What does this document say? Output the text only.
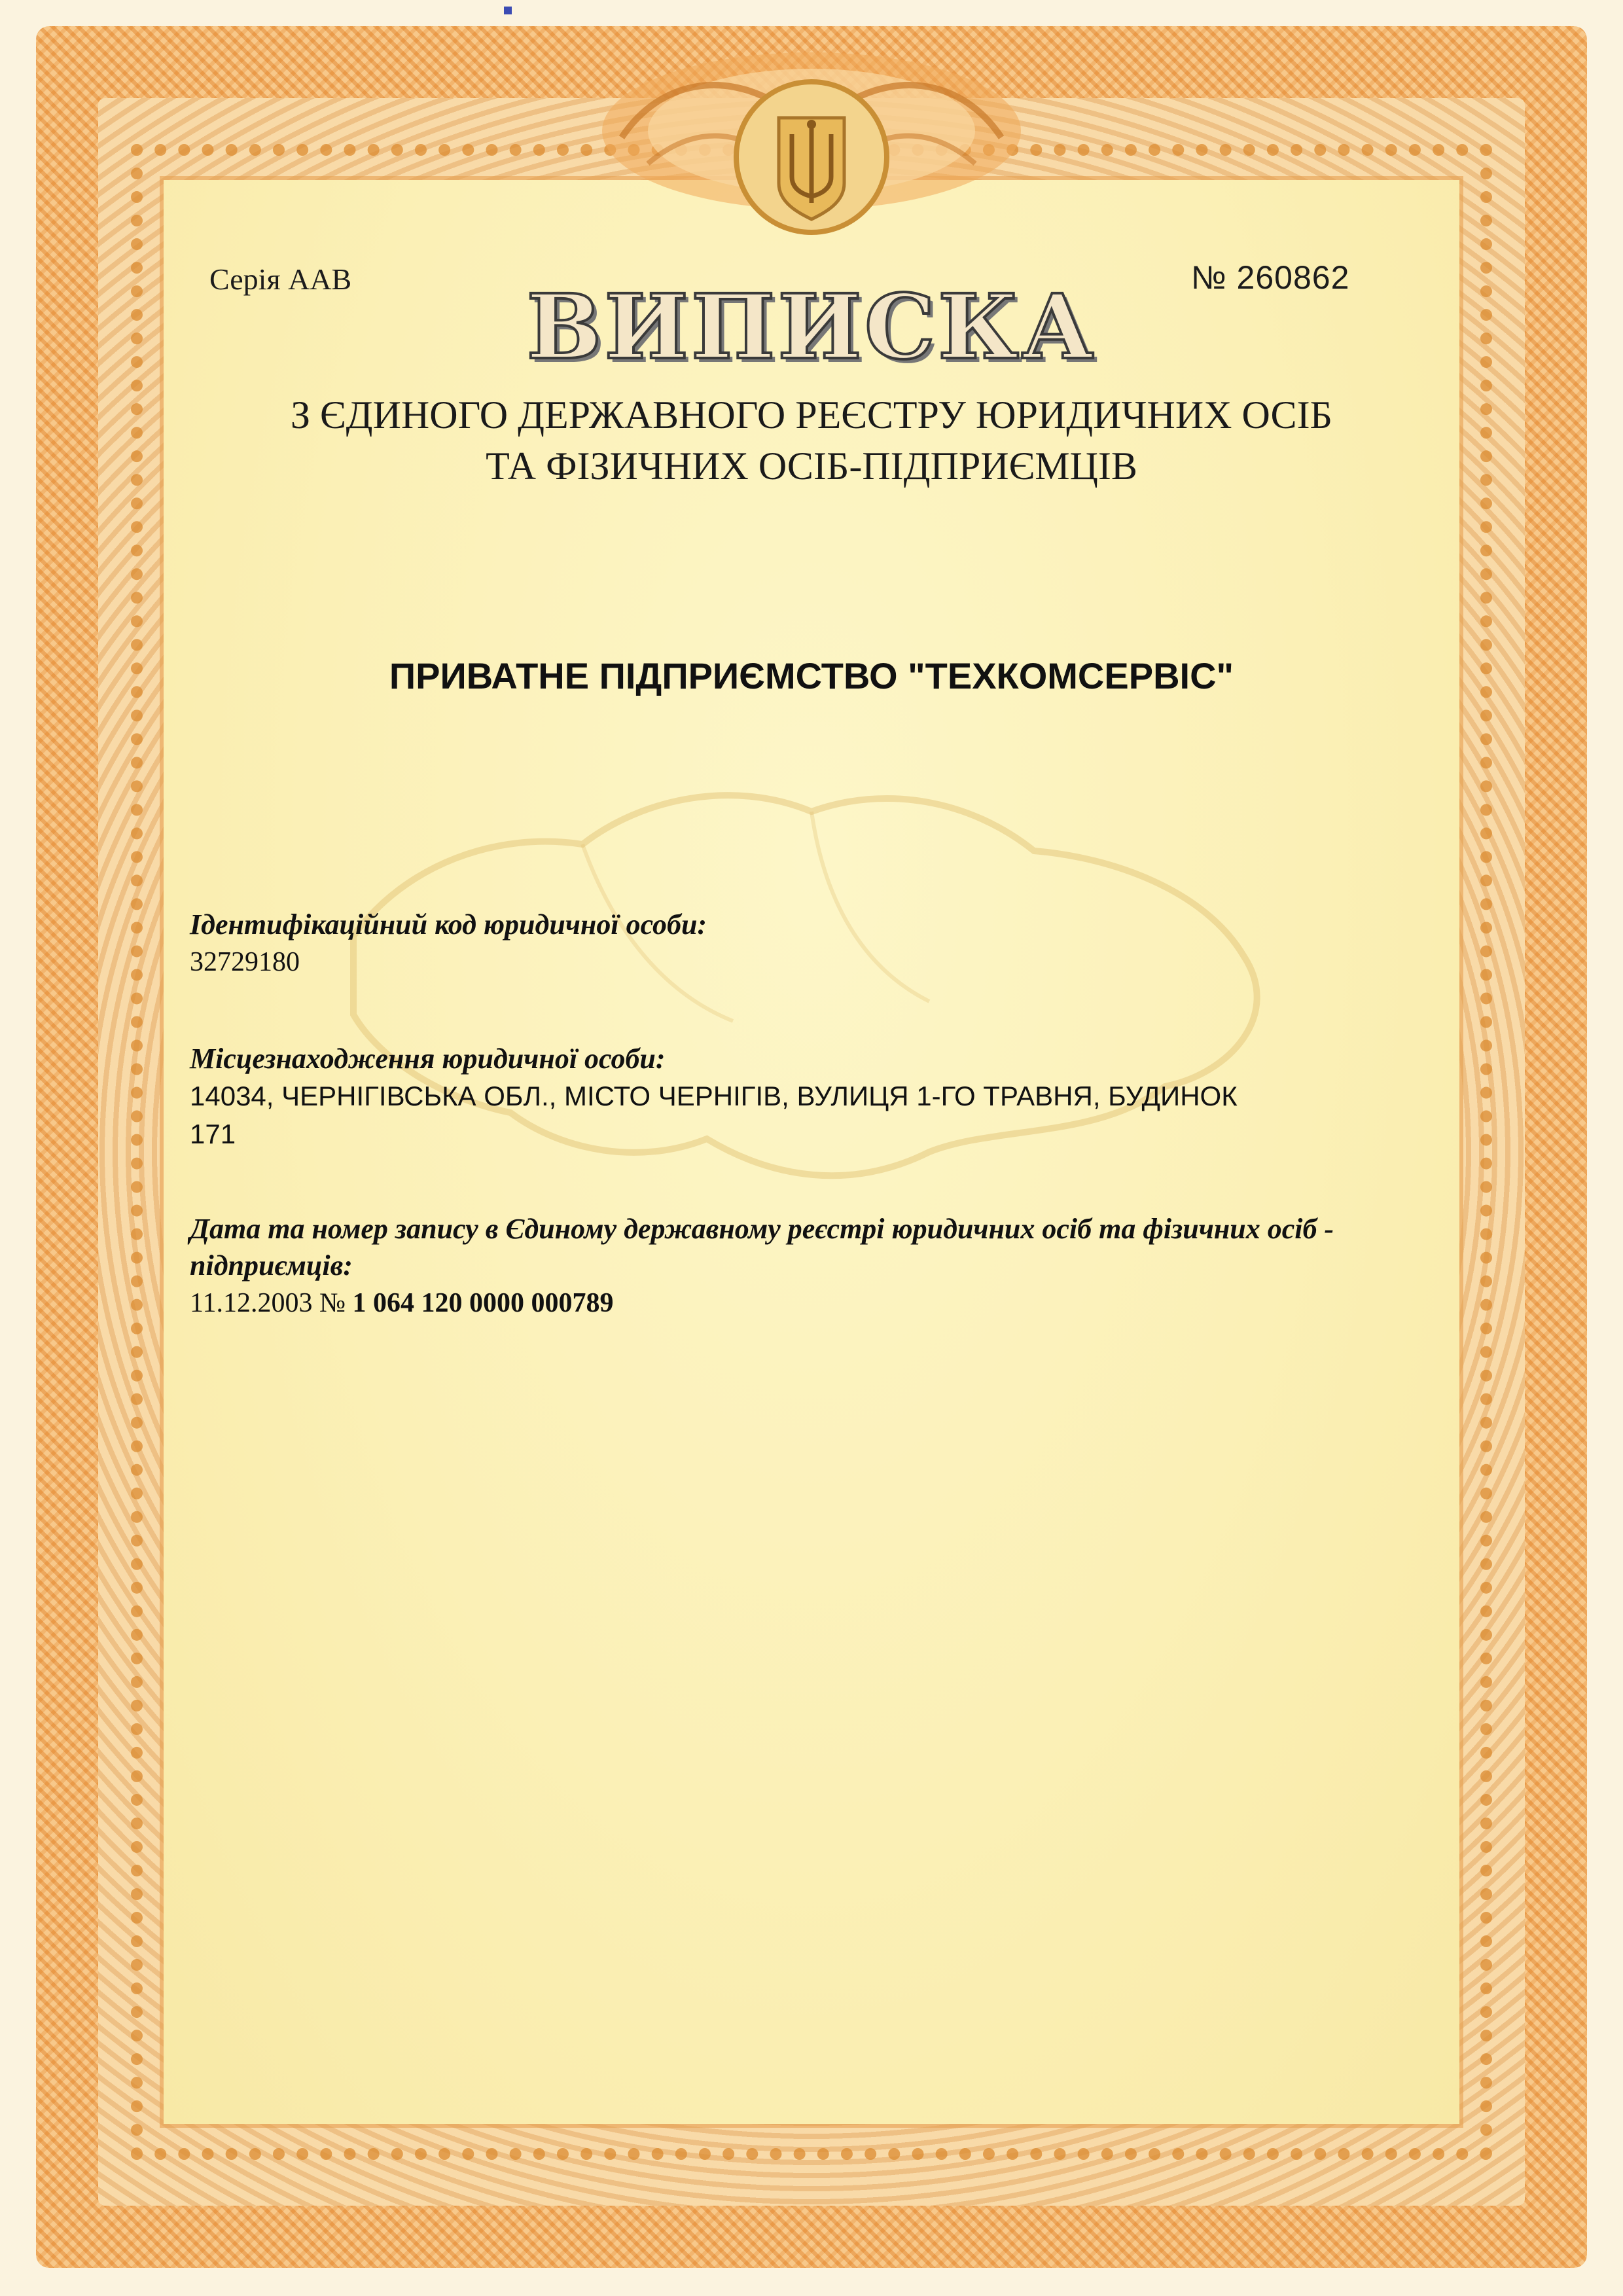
Серія ААВ	№ 260862
ВИПИСКА
З ЄДИНОГО ДЕРЖАВНОГО РЕЄСТРУ ЮРИДИЧНИХ ОСІБ
ТА ФІЗИЧНИХ ОСІБ-ПІДПРИЄМЦІВ
ПРИВАТНЕ ПІДПРИЄМСТВО "ТЕХКОМСЕРВІС"
Ідентифікаційний код юридичної особи:
32729180
Місцезнаходження юридичної особи:
14034, ЧЕРНІГІВСЬКА ОБЛ., МІСТО ЧЕРНІГІВ, ВУЛИЦЯ 1-ГО ТРАВНЯ, БУДИНОК
171
Дата та номер запису в Єдиному державному реєстрі юридичних осіб та фізичних осіб - підприємців:
11.12.2003 № 1 064 120 0000 000789
